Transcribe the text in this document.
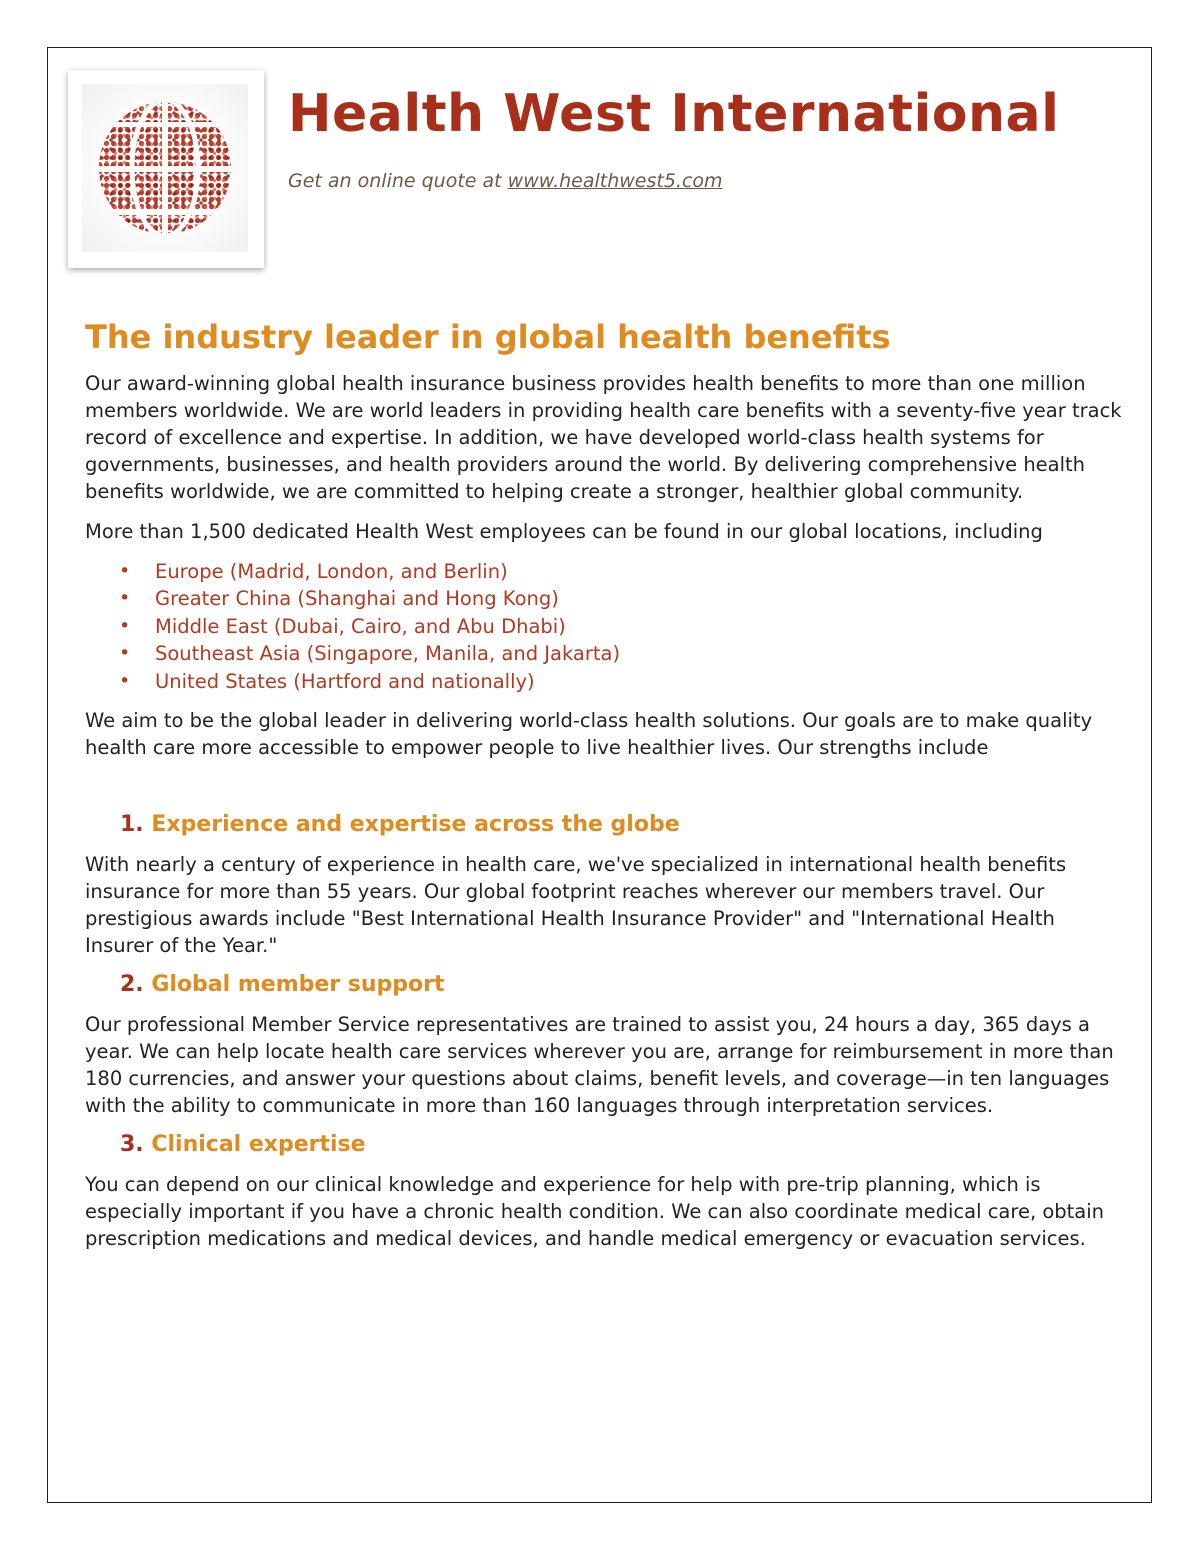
Health West International
Get an online quote at www.healthwest5.com
The industry leader in global health benefits

Our award-winning global health insurance business provides health benefits to more than one million members worldwide. We are world leaders in providing health care benefits with a seventy-five year track record of excellence and expertise. In addition, we have developed world-class health systems for governments, businesses, and health providers around the world. By delivering comprehensive health benefits worldwide, we are committed to helping create a stronger, healthier global community.

More than 1,500 dedicated Health West employees can be found in our global locations, including

• Europe (Madrid, London, and Berlin)
• Greater China (Shanghai and Hong Kong)
• Middle East (Dubai, Cairo, and Abu Dhabi)
• Southeast Asia (Singapore, Manila, and Jakarta)
• United States (Hartford and nationally)

We aim to be the global leader in delivering world-class health solutions. Our goals are to make quality health care more accessible to empower people to live healthier lives. Our strengths include

1. Experience and expertise across the globe

With nearly a century of experience in health care, we've specialized in international health benefits insurance for more than 55 years. Our global footprint reaches wherever our members travel. Our prestigious awards include "Best International Health Insurance Provider" and "International Health Insurer of the Year."

2. Global member support

Our professional Member Service representatives are trained to assist you, 24 hours a day, 365 days a year. We can help locate health care services wherever you are, arrange for reimbursement in more than 180 currencies, and answer your questions about claims, benefit levels, and coverage—in ten languages with the ability to communicate in more than 160 languages through interpretation services.

3. Clinical expertise

You can depend on our clinical knowledge and experience for help with pre-trip planning, which is especially important if you have a chronic health condition. We can also coordinate medical care, obtain prescription medications and medical devices, and handle medical emergency or evacuation services.
